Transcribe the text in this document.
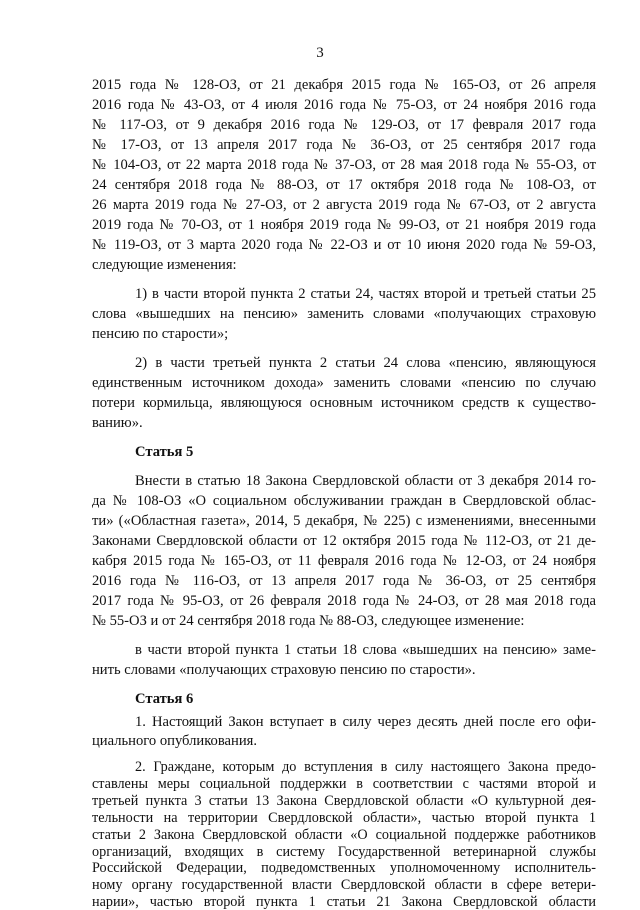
3
2015 года № 128-ОЗ, от 21 декабря 2015 года № 165-ОЗ, от 26 апреля
2016 года № 43-ОЗ, от 4 июля 2016 года № 75-ОЗ, от 24 ноября 2016 года
№ 117-ОЗ, от 9 декабря 2016 года № 129-ОЗ, от 17 февраля 2017 года
№ 17-ОЗ, от 13 апреля 2017 года № 36-ОЗ, от 25 сентября 2017 года
№ 104-ОЗ, от 22 марта 2018 года № 37-ОЗ, от 28 мая 2018 года № 55-ОЗ, от
24 сентября 2018 года № 88-ОЗ, от 17 октября 2018 года № 108-ОЗ, от
26 марта 2019 года № 27-ОЗ, от 2 августа 2019 года № 67-ОЗ, от 2 августа
2019 года № 70-ОЗ, от 1 ноября 2019 года № 99-ОЗ, от 21 ноября 2019 года
№ 119-ОЗ, от 3 марта 2020 года № 22-ОЗ и от 10 июня 2020 года № 59-ОЗ,
следующие изменения:
1) в части второй пункта 2 статьи 24, частях второй и третьей статьи 25
слова «вышедших на пенсию» заменить словами «получающих страховую
пенсию по старости»;
2) в части третьей пункта 2 статьи 24 слова «пенсию, являющуюся
единственным источником дохода» заменить словами «пенсию по случаю
потери кормильца, являющуюся основным источником средств к существо-
ванию».
Статья 5
Внести в статью 18 Закона Свердловской области от 3 декабря 2014 го-
да № 108-ОЗ «О социальном обслуживании граждан в Свердловской облас-
ти» («Областная газета», 2014, 5 декабря, № 225) с изменениями, внесенными
Законами Свердловской области от 12 октября 2015 года № 112-ОЗ, от 21 де-
кабря 2015 года № 165-ОЗ, от 11 февраля 2016 года № 12-ОЗ, от 24 ноября
2016 года № 116-ОЗ, от 13 апреля 2017 года № 36-ОЗ, от 25 сентября
2017 года № 95-ОЗ, от 26 февраля 2018 года № 24-ОЗ, от 28 мая 2018 года
№ 55-ОЗ и от 24 сентября 2018 года № 88-ОЗ, следующее изменение:
в части второй пункта 1 статьи 18 слова «вышедших на пенсию» заме-
нить словами «получающих страховую пенсию по старости».
Статья 6
1. Настоящий Закон вступает в силу через десять дней после его офи-
циального опубликования.
2. Граждане, которым до вступления в силу настоящего Закона предо-
ставлены меры социальной поддержки в соответствии с частями второй и
третьей пункта 3 статьи 13 Закона Свердловской области «О культурной дея-
тельности на территории Свердловской области», частью второй пункта 1
статьи 2 Закона Свердловской области «О социальной поддержке работников
организаций, входящих в систему Государственной ветеринарной службы
Российской Федерации, подведомственных уполномоченному исполнитель-
ному органу государственной власти Свердловской области в сфере ветери-
нарии», частью второй пункта 1 статьи 21 Закона Свердловской области
